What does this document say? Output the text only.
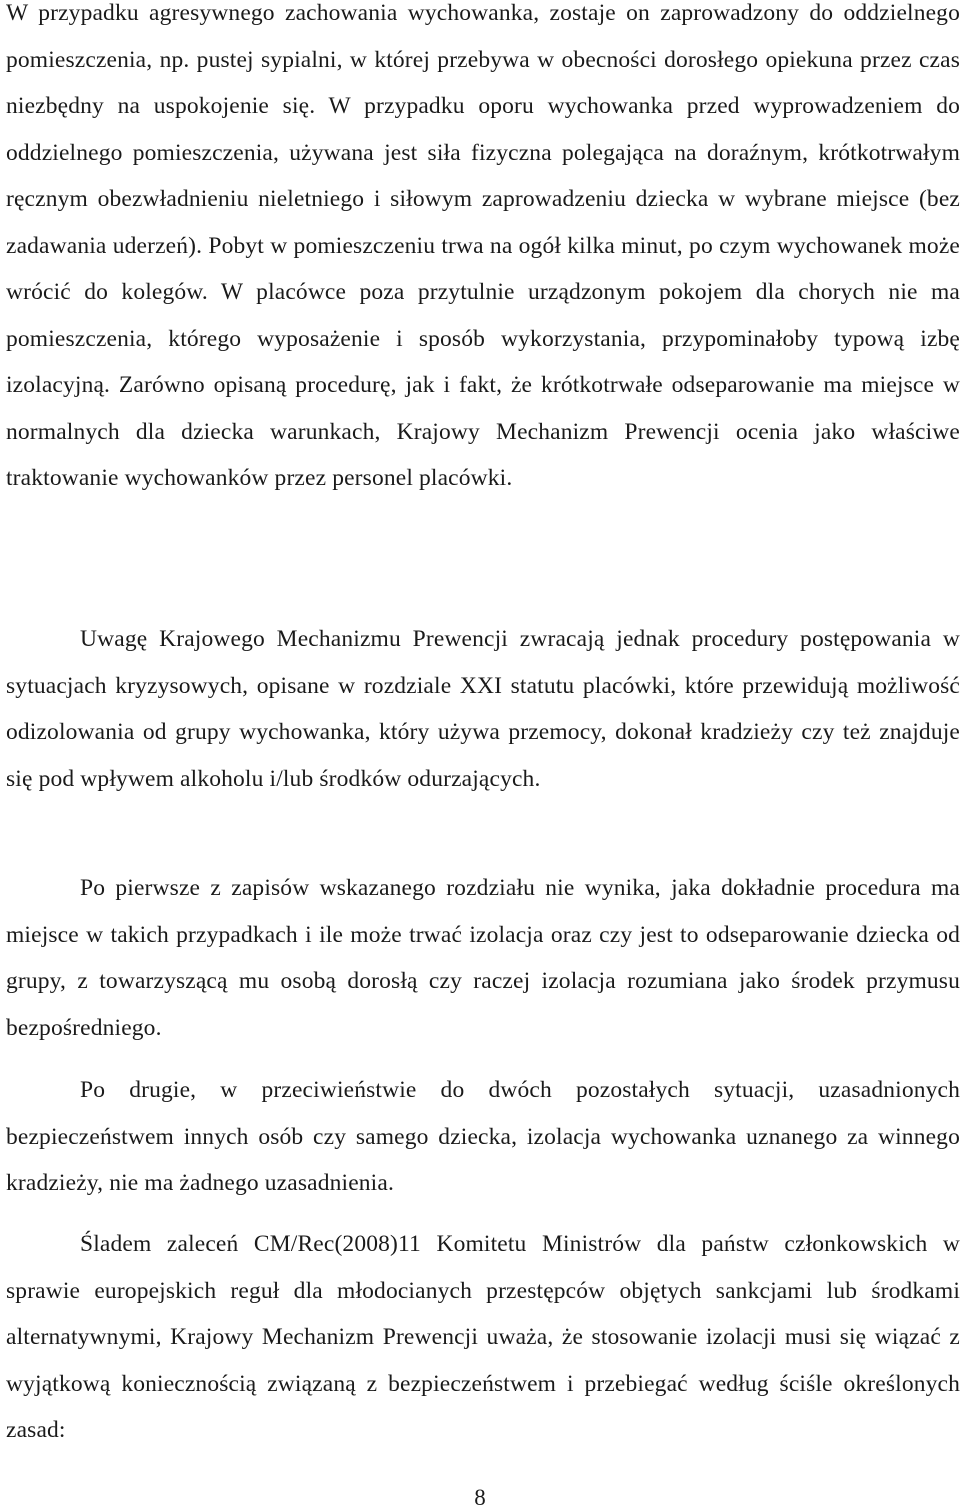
W przypadku agresywnego zachowania wychowanka, zostaje on zaprowadzony do oddzielnego pomieszczenia, np. pustej sypialni, w której przebywa w obecności dorosłego opiekuna przez czas niezbędny na uspokojenie się. W przypadku oporu wychowanka przed wyprowadzeniem do oddzielnego pomieszczenia, używana jest siła fizyczna polegająca na doraźnym, krótkotrwałym ręcznym obezwładnieniu nieletniego i siłowym zaprowadzeniu dziecka w wybrane miejsce (bez zadawania uderzeń). Pobyt w pomieszczeniu trwa na ogół kilka minut, po czym wychowanek może wrócić do kolegów. W placówce poza przytulnie urządzonym pokojem dla chorych nie ma pomieszczenia, którego wyposażenie i sposób wykorzystania, przypominałoby typową izbę izolacyjną. Zarówno opisaną procedurę, jak i fakt, że krótkotrwałe odseparowanie ma miejsce w normalnych dla dziecka warunkach, Krajowy Mechanizm Prewencji ocenia jako właściwe traktowanie wychowanków przez personel placówki.

Uwagę Krajowego Mechanizmu Prewencji zwracają jednak procedury postępowania w sytuacjach kryzysowych, opisane w rozdziale XXI statutu placówki, które przewidują możliwość odizolowania od grupy wychowanka, który używa przemocy, dokonał kradzieży czy też znajduje się pod wpływem alkoholu i/lub środków odurzających.

Po pierwsze z zapisów wskazanego rozdziału nie wynika, jaka dokładnie procedura ma miejsce w takich przypadkach i ile może trwać izolacja oraz czy jest to odseparowanie dziecka od grupy, z towarzyszącą mu osobą dorosłą czy raczej izolacja rozumiana jako środek przymusu bezpośredniego.

Po drugie, w przeciwieństwie do dwóch pozostałych sytuacji, uzasadnionych bezpieczeństwem innych osób czy samego dziecka, izolacja wychowanka uznanego za winnego kradzieży, nie ma żadnego uzasadnienia.

Śladem zaleceń CM/Rec(2008)11 Komitetu Ministrów dla państw członkowskich w sprawie europejskich reguł dla młodocianych przestępców objętych sankcjami lub środkami alternatywnymi, Krajowy Mechanizm Prewencji uważa, że stosowanie izolacji musi się wiązać z wyjątkową koniecznością związaną z bezpieczeństwem i przebiegać według ściśle określonych zasad:

8
